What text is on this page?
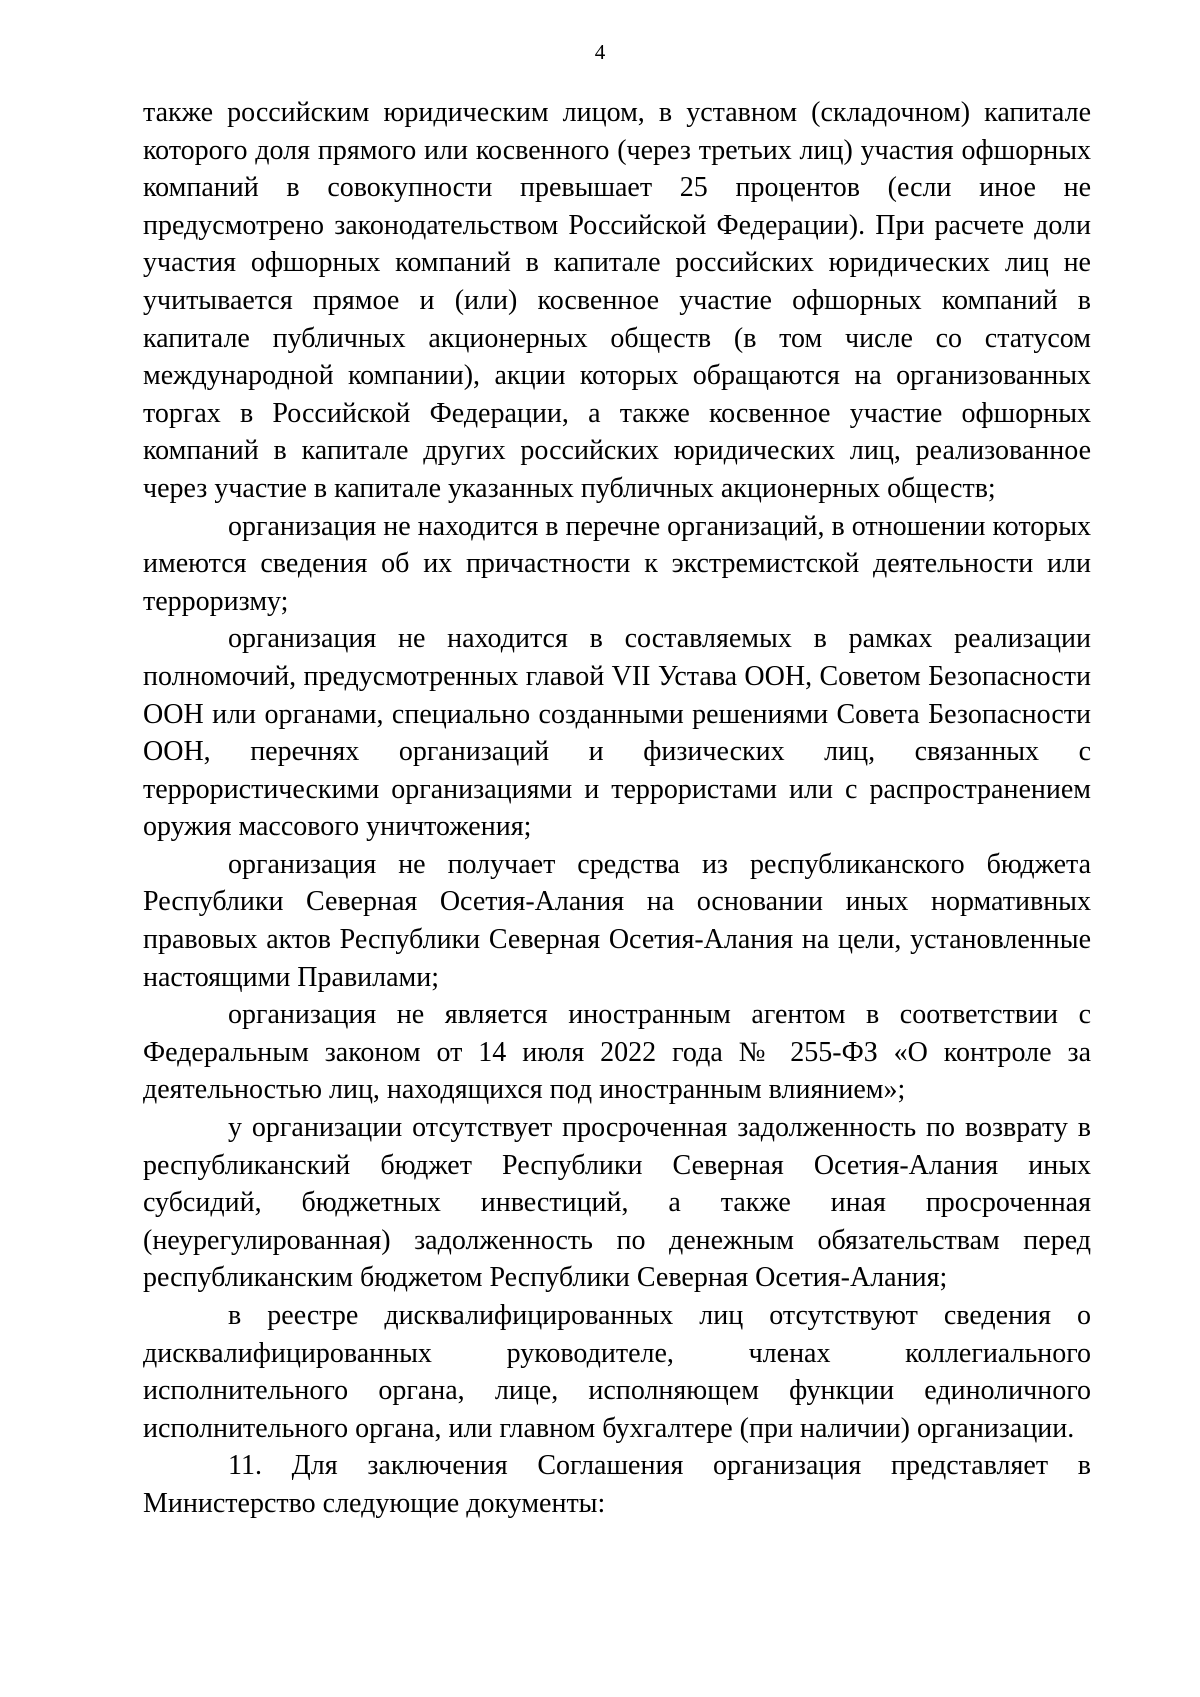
4

также российским юридическим лицом, в уставном (складочном) капитале которого доля прямого или косвенного (через третьих лиц) участия офшорных компаний в совокупности превышает 25 процентов (если иное не предусмотрено законодательством Российской Федерации). При расчете доли участия офшорных компаний в капитале российских юридических лиц не учитывается прямое и (или) косвенное участие офшорных компаний в капитале публичных акционерных обществ (в том числе со статусом международной компании), акции которых обращаются на организованных торгах в Российской Федерации, а также косвенное участие офшорных компаний в капитале других российских юридических лиц, реализованное через участие в капитале указанных публичных акционерных обществ;

организация не находится в перечне организаций, в отношении которых имеются сведения об их причастности к экстремистской деятельности или терроризму;

организация не находится в составляемых в рамках реализации полномочий, предусмотренных главой VII Устава ООН, Советом Безопасности ООН или органами, специально созданными решениями Совета Безопасности ООН, перечнях организаций и физических лиц, связанных с террористическими организациями и террористами или с распространением оружия массового уничтожения;

организация не получает средства из республиканского бюджета Республики Северная Осетия-Алания на основании иных нормативных правовых актов Республики Северная Осетия-Алания на цели, установленные настоящими Правилами;

организация не является иностранным агентом в соответствии с Федеральным законом от 14 июля 2022 года № 255-ФЗ «О контроле за деятельностью лиц, находящихся под иностранным влиянием»;

у организации отсутствует просроченная задолженность по возврату в республиканский бюджет Республики Северная Осетия-Алания иных субсидий, бюджетных инвестиций, а также иная просроченная (неурегулированная) задолженность по денежным обязательствам перед республиканским бюджетом Республики Северная Осетия-Алания;

в реестре дисквалифицированных лиц отсутствуют сведения о дисквалифицированных руководителе, членах коллегиального исполнительного органа, лице, исполняющем функции единоличного исполнительного органа, или главном бухгалтере (при наличии) организации.

11. Для заключения Соглашения организация представляет в Министерство следующие документы:
